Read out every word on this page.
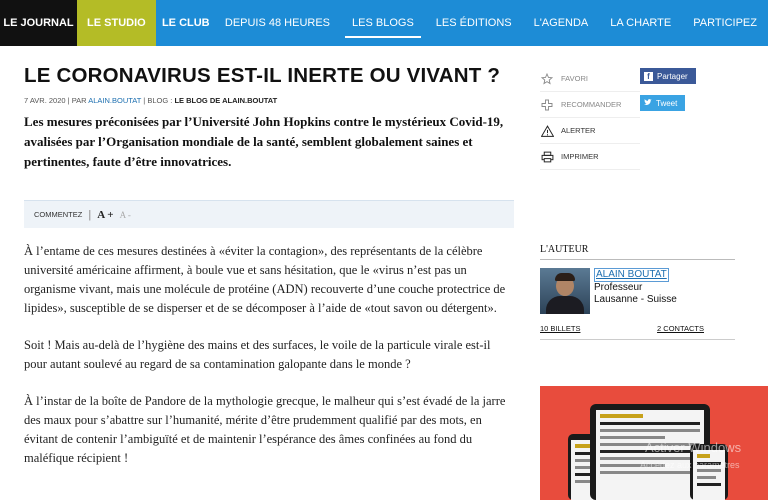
LE JOURNAL	LE STUDIO	LE CLUB	DEPUIS 48 HEURES	LES BLOGS	LES ÉDITIONS	L'AGENDA	LA CHARTE	PARTICIPEZ
LE CORONAVIRUS EST-IL INERTE OU VIVANT ?
7 AVR. 2020 | PAR ALAIN.BOUTAT | BLOG : LE BLOG DE ALAIN.BOUTAT

Les mesures préconisées par l’Université John Hopkins contre le mystérieux Covid-19, avalisées par l’Organisation mondiale de la santé, semblent globalement saines et pertinentes, faute d’être innovatrices.

FAVORI
RECOMMANDER
ALERTER
IMPRIMER
f Partager
Tweet
COMMENTEZ | A + A -

À l’entame de ces mesures destinées à «éviter la contagion», des représentants de la célèbre université américaine affirment, à boule vue et sans hésitation, que le «virus n’est pas un organisme vivant, mais une molécule de protéine (ADN) recouverte d’une couche protectrice de lipides», susceptible de se disperser et de se décomposer à l’aide de «tout savon ou détergent».

Soit ! Mais au-delà de l’hygiène des mains et des surfaces, le voile de la particule virale est-il pour autant soulevé au regard de sa contamination galopante dans le monde ?

À l’instar de la boîte de Pandore de la mythologie grecque, le malheur qui s’est évadé de la jarre des maux pour s’abattre sur l’humanité, mérite d’être prudemment qualifié par des mots, en évitant de contenir l’ambiguïté et de maintenir l’espérance des âmes confinées au fond du maléfique récipient !

L'AUTEUR
ALAIN BOUTAT
Professeur
Lausanne - Suisse
10 BILLETS	2 CONTACTS
Activer Windows
Accédez aux paramètres
